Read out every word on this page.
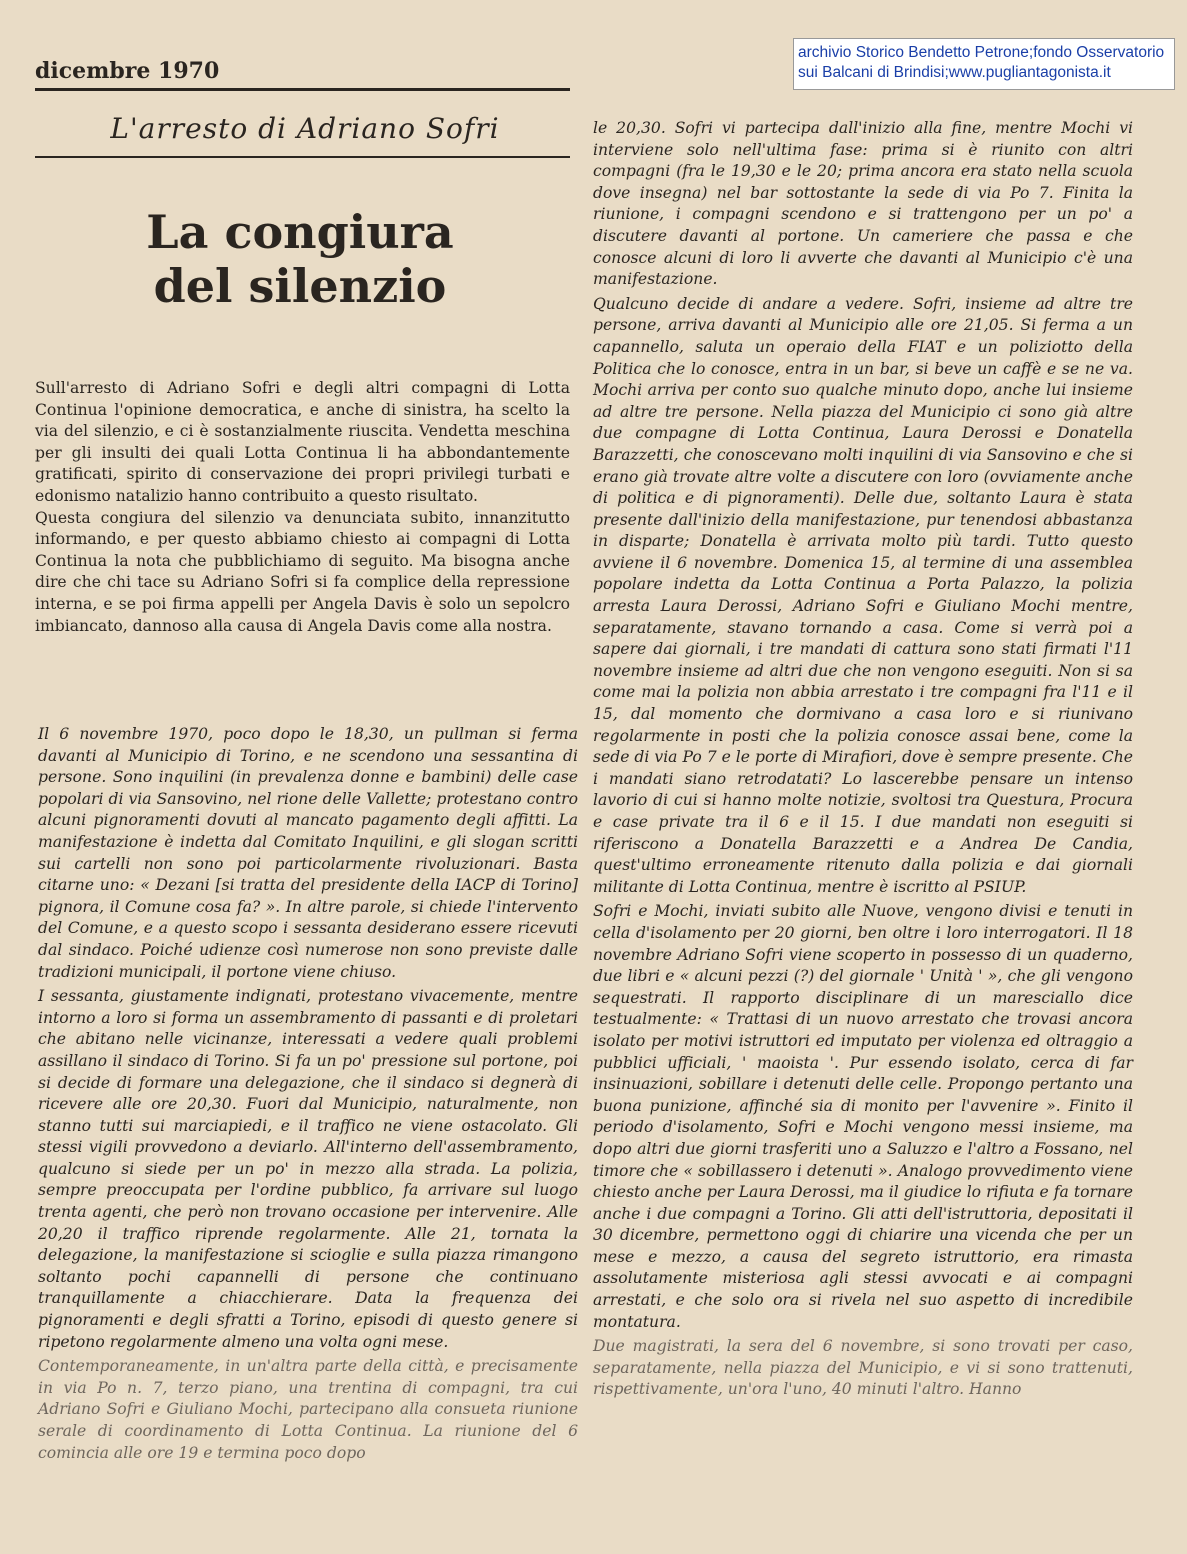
archivio Storico Bendetto Petrone;fondo Osservatorio sui Balcani di Brindisi;www.pugliantagonista.it
dicembre 1970
L'arresto di Adriano Sofri
La congiura
del silenzio

Sull'arresto di Adriano Sofri e degli altri compagni di Lotta Continua l'opinione democratica, e anche di sinistra, ha scelto la via del silenzio, e ci è sostanzialmente riuscita. Vendetta meschina per gli insulti dei quali Lotta Continua li ha abbondantemente gratificati, spirito di conservazione dei propri privilegi turbati e edonismo natalizio hanno contribuito a questo risultato.

Questa congiura del silenzio va denunciata subito, innanzitutto informando, e per questo abbiamo chiesto ai compagni di Lotta Continua la nota che pubblichiamo di seguito. Ma bisogna anche dire che chi tace su Adriano Sofri si fa complice della repressione interna, e se poi firma appelli per Angela Davis è solo un sepolcro imbiancato, dannoso alla causa di Angela Davis come alla nostra.

Il 6 novembre 1970, poco dopo le 18,30, un pullman si ferma davanti al Municipio di Torino, e ne scendono una sessantina di persone. Sono inquilini (in prevalenza donne e bambini) delle case popolari di via Sansovino, nel rione delle Vallette; protestano contro alcuni pignoramenti dovuti al mancato pagamento degli affitti. La manifestazione è indetta dal Comitato Inquilini, e gli slogan scritti sui cartelli non sono poi particolarmente rivoluzionari. Basta citarne uno: « Dezani [si tratta del presidente della IACP di Torino] pignora, il Comune cosa fa? ». In altre parole, si chiede l'intervento del Comune, e a questo scopo i sessanta desiderano essere ricevuti dal sindaco. Poiché udienze così numerose non sono previste dalle tradizioni municipali, il portone viene chiuso.

I sessanta, giustamente indignati, protestano vivacemente, mentre intorno a loro si forma un assembramento di passanti e di proletari che abitano nelle vicinanze, interessati a vedere quali problemi assillano il sindaco di Torino. Si fa un po' pressione sul portone, poi si decide di formare una delegazione, che il sindaco si degnerà di ricevere alle ore 20,30. Fuori dal Municipio, naturalmente, non stanno tutti sui marciapiedi, e il traffico ne viene ostacolato. Gli stessi vigili provvedono a deviarlo. All'interno dell'assembramento, qualcuno si siede per un po' in mezzo alla strada. La polizia, sempre preoccupata per l'ordine pubblico, fa arrivare sul luogo trenta agenti, che però non trovano occasione per intervenire. Alle 20,20 il traffico riprende regolarmente. Alle 21, tornata la delegazione, la manifestazione si scioglie e sulla piazza rimangono soltanto pochi capannelli di persone che continuano tranquillamente a chiacchierare. Data la frequenza dei pignoramenti e degli sfratti a Torino, episodi di questo genere si ripetono regolarmente almeno una volta ogni mese.

Contemporaneamente, in un'altra parte della città, e precisamente in via Po n. 7, terzo piano, una trentina di compagni, tra cui Adriano Sofri e Giuliano Mochi, partecipano alla consueta riunione serale di coordinamento di Lotta Continua. La riunione del 6 comincia alle ore 19 e termina poco dopo

le 20,30. Sofri vi partecipa dall'inizio alla fine, mentre Mochi vi interviene solo nell'ultima fase: prima si è riunito con altri compagni (fra le 19,30 e le 20; prima ancora era stato nella scuola dove insegna) nel bar sottostante la sede di via Po 7. Finita la riunione, i compagni scendono e si trattengono per un po' a discutere davanti al portone. Un cameriere che passa e che conosce alcuni di loro li avverte che davanti al Municipio c'è una manifestazione.

Qualcuno decide di andare a vedere. Sofri, insieme ad altre tre persone, arriva davanti al Municipio alle ore 21,05. Si ferma a un capannello, saluta un operaio della FIAT e un poliziotto della Politica che lo conosce, entra in un bar, si beve un caffè e se ne va. Mochi arriva per conto suo qualche minuto dopo, anche lui insieme ad altre tre persone. Nella piazza del Municipio ci sono già altre due compagne di Lotta Continua, Laura Derossi e Donatella Barazzetti, che conoscevano molti inquilini di via Sansovino e che si erano già trovate altre volte a discutere con loro (ovviamente anche di politica e di pignoramenti). Delle due, soltanto Laura è stata presente dall'inizio della manifestazione, pur tenendosi abbastanza in disparte; Donatella è arrivata molto più tardi. Tutto questo avviene il 6 novembre. Domenica 15, al termine di una assemblea popolare indetta da Lotta Continua a Porta Palazzo, la polizia arresta Laura Derossi, Adriano Sofri e Giuliano Mochi mentre, separatamente, stavano tornando a casa. Come si verrà poi a sapere dai giornali, i tre mandati di cattura sono stati firmati l'11 novembre insieme ad altri due che non vengono eseguiti. Non si sa come mai la polizia non abbia arrestato i tre compagni fra l'11 e il 15, dal momento che dormivano a casa loro e si riunivano regolarmente in posti che la polizia conosce assai bene, come la sede di via Po 7 e le porte di Mirafiori, dove è sempre presente. Che i mandati siano retrodatati? Lo lascerebbe pensare un intenso lavorio di cui si hanno molte notizie, svoltosi tra Questura, Procura e case private tra il 6 e il 15. I due mandati non eseguiti si riferiscono a Donatella Barazzetti e a Andrea De Candia, quest'ultimo erroneamente ritenuto dalla polizia e dai giornali militante di Lotta Continua, mentre è iscritto al PSIUP.

Sofri e Mochi, inviati subito alle Nuove, vengono divisi e tenuti in cella d'isolamento per 20 giorni, ben oltre i loro interrogatori. Il 18 novembre Adriano Sofri viene scoperto in possesso di un quaderno, due libri e « alcuni pezzi (?) del giornale ' Unità ' », che gli vengono sequestrati. Il rapporto disciplinare di un maresciallo dice testualmente: « Trattasi di un nuovo arrestato che trovasi ancora isolato per motivi istruttori ed imputato per violenza ed oltraggio a pubblici ufficiali, ' maoista '. Pur essendo isolato, cerca di far insinuazioni, sobillare i detenuti delle celle. Propongo pertanto una buona punizione, affinché sia di monito per l'avvenire ». Finito il periodo d'isolamento, Sofri e Mochi vengono messi insieme, ma dopo altri due giorni trasferiti uno a Saluzzo e l'altro a Fossano, nel timore che « sobillassero i detenuti ». Analogo provvedimento viene chiesto anche per Laura Derossi, ma il giudice lo rifiuta e fa tornare anche i due compagni a Torino. Gli atti dell'istruttoria, depositati il 30 dicembre, permettono oggi di chiarire una vicenda che per un mese e mezzo, a causa del segreto istruttorio, era rimasta assolutamente misteriosa agli stessi avvocati e ai compagni arrestati, e che solo ora si rivela nel suo aspetto di incredibile montatura.

Due magistrati, la sera del 6 novembre, si sono trovati per caso, separatamente, nella piazza del Municipio, e vi si sono trattenuti, rispettivamente, un'ora l'uno, 40 minuti l'altro. Hanno
